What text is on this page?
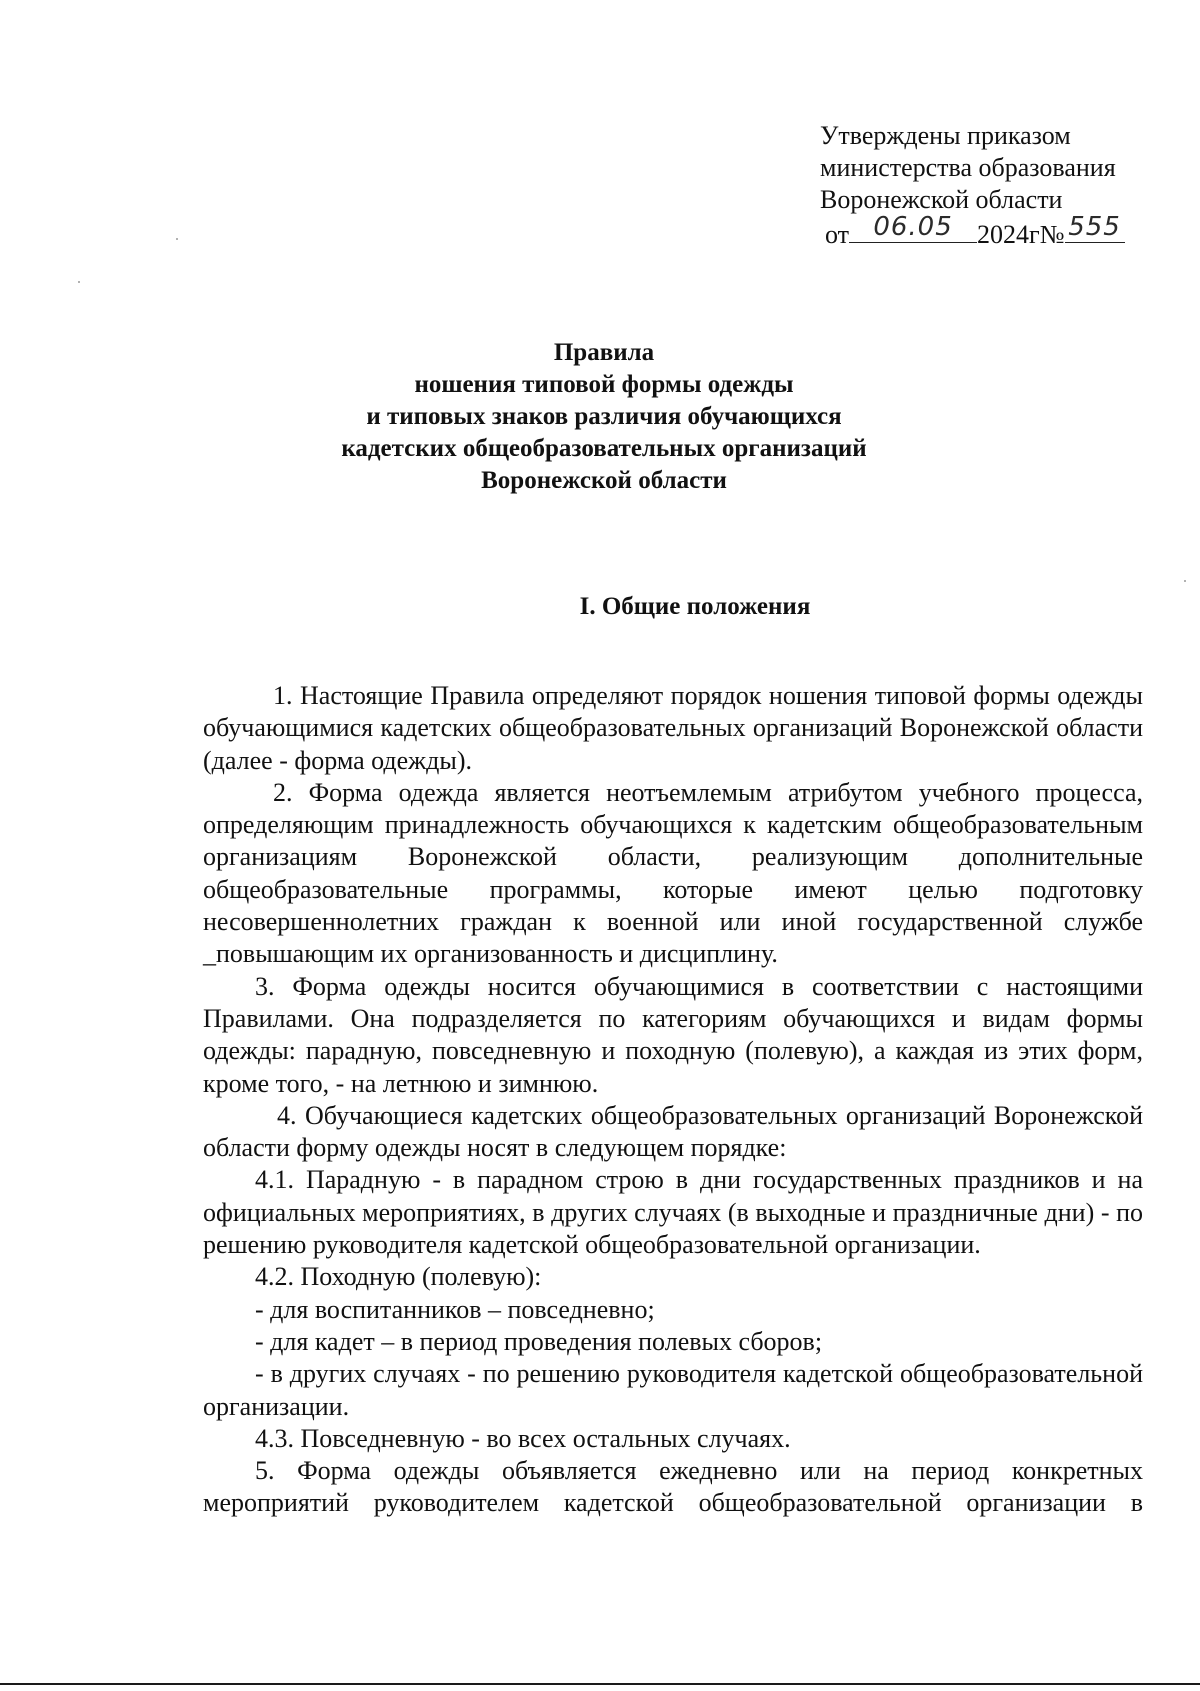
Утверждены приказом
министерства образования
Воронежской области
от 06.05 2024г№ 555
Правила
ношения типовой формы одежды
и типовых знаков различия обучающихся
кадетских общеобразовательных организаций
Воронежской области
I. Общие положения

1. Настоящие Правила определяют порядок ношения типовой формы одежды обучающимися кадетских общеобразовательных организаций Воронежской области (далее - форма одежды).

2. Форма одежда является неотъемлемым атрибутом учебного процесса, определяющим принадлежность обучающихся к кадетским общеобразовательным организациям Воронежской области, реализующим дополнительные общеобразовательные программы, которые имеют целью подготовку несовершеннолетних граждан к военной или иной государственной службе _повышающим их организованность и дисциплину.

3. Форма одежды носится обучающимися в соответствии с настоящими Правилами. Она подразделяется по категориям обучающихся и видам формы одежды: парадную, повседневную и походную (полевую), а каждая из этих форм, кроме того, - на летнюю и зимнюю.

4. Обучающиеся кадетских общеобразовательных организаций Воронежской области форму одежды носят в следующем порядке:

4.1. Парадную - в парадном строю в дни государственных праздников и на официальных мероприятиях, в других случаях (в выходные и праздничные дни) - по решению руководителя кадетской общеобразовательной организации.

4.2. Походную (полевую):

- для воспитанников – повседневно;

- для кадет – в период проведения полевых сборов;

- в других случаях - по решению руководителя кадетской общеобразовательной организации.

4.3. Повседневную - во всех остальных случаях.

5. Форма одежды объявляется ежедневно или на период конкретных мероприятий руководителем кадетской общеобразовательной организации в
